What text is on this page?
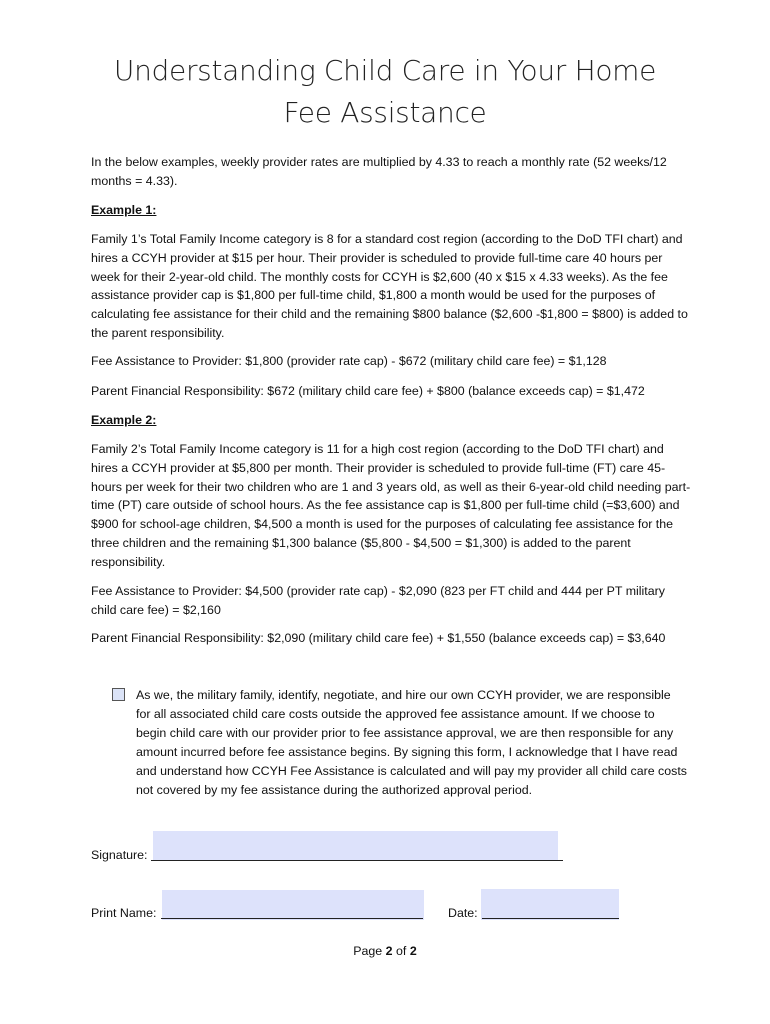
Understanding Child Care in Your Home
Fee Assistance

In the below examples, weekly provider rates are multiplied by 4.33 to reach a monthly rate (52 weeks/12 months = 4.33).

Example 1:

Family 1’s Total Family Income category is 8 for a standard cost region (according to the DoD TFI chart) and hires a CCYH provider at $15 per hour. Their provider is scheduled to provide full-time care 40 hours per week for their 2-year-old child. The monthly costs for CCYH is $2,600 (40 x $15 x 4.33 weeks). As the fee assistance provider cap is $1,800 per full-time child, $1,800 a month would be used for the purposes of calculating fee assistance for their child and the remaining $800 balance ($2,600 -$1,800 = $800) is added to the parent responsibility.

Fee Assistance to Provider: $1,800 (provider rate cap) - $672 (military child care fee) = $1,128

Parent Financial Responsibility: $672 (military child care fee) + $800 (balance exceeds cap) = $1,472

Example 2:

Family 2’s Total Family Income category is 11 for a high cost region (according to the DoD TFI chart) and hires a CCYH provider at $5,800 per month. Their provider is scheduled to provide full-time (FT) care 45-hours per week for their two children who are 1 and 3 years old, as well as their 6-year-old child needing part-time (PT) care outside of school hours. As the fee assistance cap is $1,800 per full-time child (=$3,600) and $900 for school-age children, $4,500 a month is used for the purposes of calculating fee assistance for the three children and the remaining $1,300 balance ($5,800 - $4,500 = $1,300) is added to the parent responsibility.

Fee Assistance to Provider: $4,500 (provider rate cap) - $2,090 (823 per FT child and 444 per PT military child care fee) = $2,160

Parent Financial Responsibility: $2,090 (military child care fee) + $1,550 (balance exceeds cap) = $3,640

As we, the military family, identify, negotiate, and hire our own CCYH provider, we are responsible for all associated child care costs outside the approved fee assistance amount. If we choose to begin child care with our provider prior to fee assistance approval, we are then responsible for any amount incurred before fee assistance begins. By signing this form, I acknowledge that I have read and understand how CCYH Fee Assistance is calculated and will pay my provider all child care costs not covered by my fee assistance during the authorized approval period.

Signature:
Print Name:	Date:
Page 2 of 2
